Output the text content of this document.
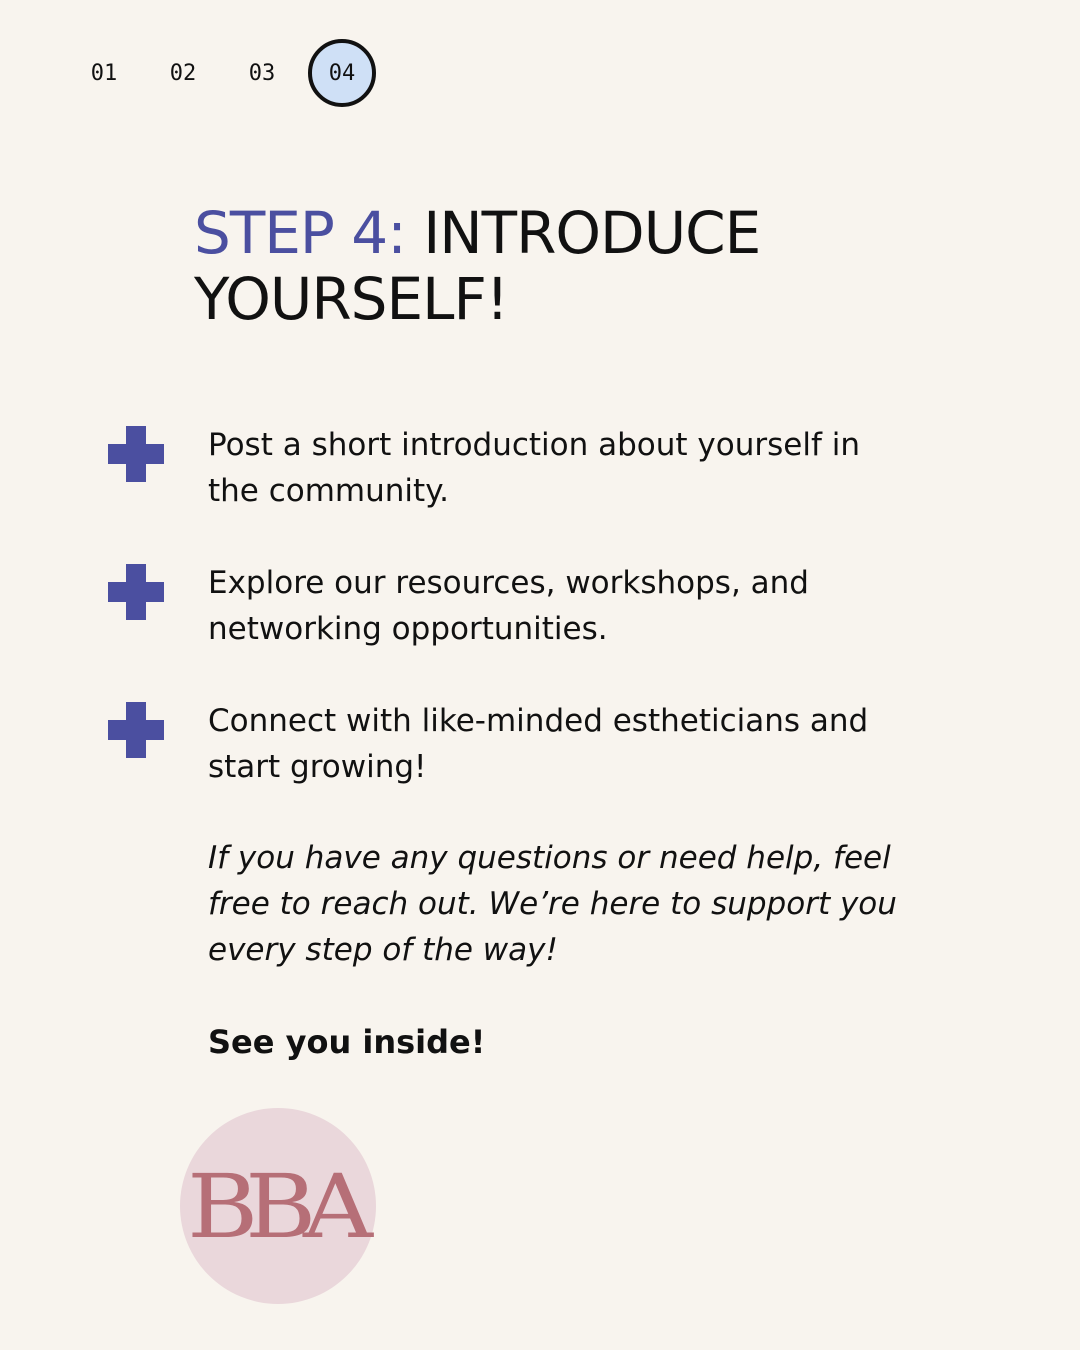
01	02	03	04
STEP 4: INTRODUCE YOURSELF!
Post a short introduction about yourself in the community.
Explore our resources, workshops, and networking opportunities.
Connect with like-minded estheticians and start growing!
If you have any questions or need help, feel free to reach out. We’re here to support you every step of the way!
See you inside!
BBA
